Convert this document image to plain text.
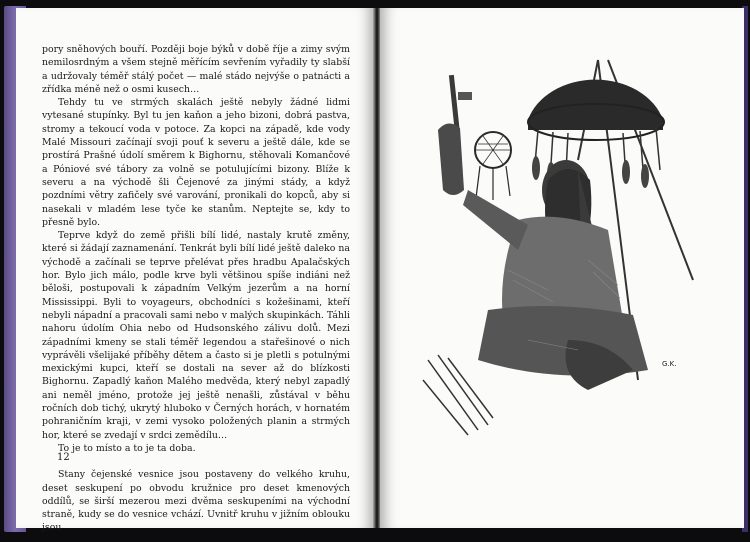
pory sněhových bouří. Později boje býků v době říje a zimy svým nemilosrdným a všem stejně měřícím sevřením vyřadily ty slabší a udržovaly téměř stálý počet — malé stádo nejvýše o patnácti a zřídka méně než o osmi kusech…

Tehdy tu ve strmých skalách ještě nebyly žádné lidmi vytesané stupínky. Byl tu jen kaňon a jeho bizoni, dobrá pastva, stromy a tekoucí voda v potoce. Za kopci na západě, kde vody Malé Missouri začínají svoji pouť k severu a ještě dále, kde se prostírá Prašné údolí směrem k Bighornu, stěhovali Komančové a Póniové své tábory za volně se potulujícími bizony. Blíže k severu a na východě šli Čejenové za jinými stády, a když pozdními větry zafičely své varování, pronikali do kopců, aby si nasekali v mladém lese tyče ke stanům. Neptejte se, kdy to přesně bylo.

Teprve když do země přišli bílí lidé, nastaly krutě změny, které si žádají zaznamenání. Tenkrát byli bílí lidé ještě daleko na východě a začínali se teprve přelévat přes hradbu Apalačských hor. Bylo jich málo, podle krve byli většinou spíše indiáni než běloši, postupovali k západním Velkým jezerům a na horní Mississippi. Byli to voyageurs, obchodníci s kožešinami, kteří nebyli nápadní a pracovali sami nebo v malých skupinkách. Táhli nahoru údolím Ohia nebo od Hudsonského zálivu dolů. Mezi západními kmeny se stali téměř legendou a stařešinové o nich vyprávěli všelijaké příběhy dětem a často si je pletli s potulnými mexickými kupci, kteří se dostali na sever až do blízkosti Bighornu. Zapadlý kaňon Malého medvěda, který nebyl zapadlý ani neměl jméno, protože jej ještě nenašli, zůstával v běhu ročních dob tichý, ukrytý hluboko v Černých horách, v hornatém pohraničním kraji, v zemi vysoko položených planin a strmých hor, které se zvedají v srdci zemědílu…

To je to místo a to je ta doba.

Stany čejenské vesnice jsou postaveny do velkého kruhu, deset seskupení po obvodu kružnice pro deset kmenových oddílů, se širší mezerou mezi dvěma seskupeními na východní straně, kudy se do vesnice vchází. Uvnitř kruhu v jižním oblouku jsou

12
G.K.
